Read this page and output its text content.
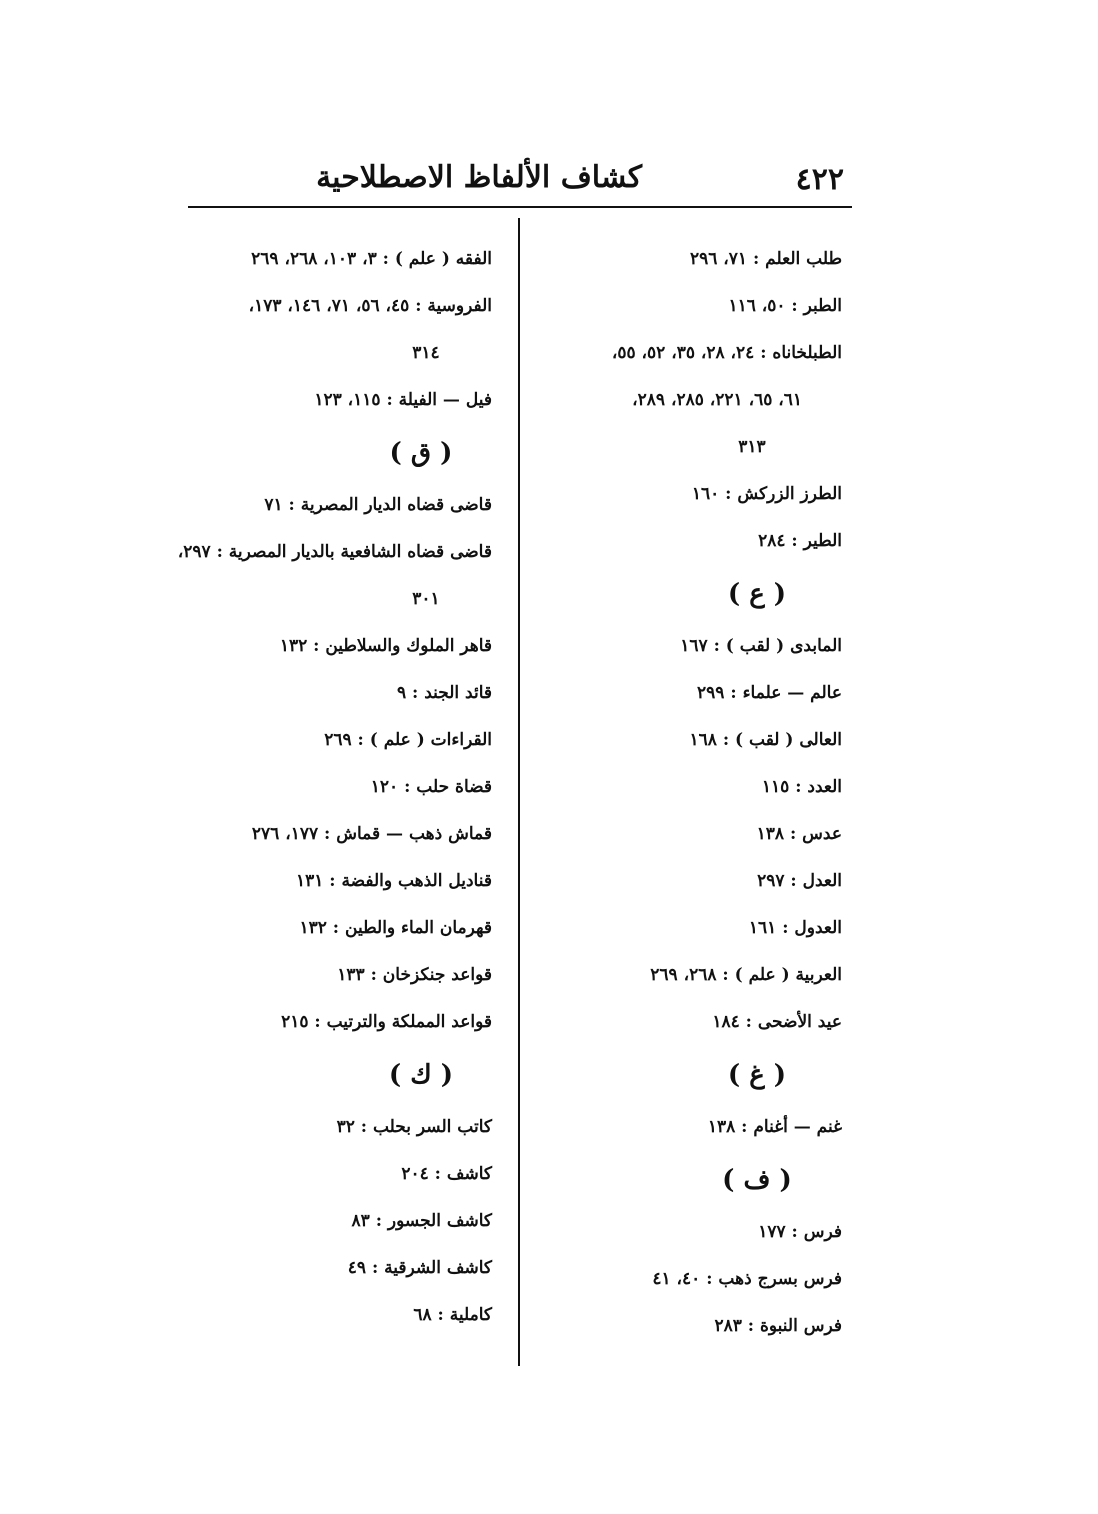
٤٢٢
كشاف الألفاظ الاصطلاحية
طلب العلم : ٧١، ٢٩٦
الطبر : ٥٠، ١١٦
الطبلخاناه : ٢٤، ٢٨، ٣٥، ٥٢، ٥٥،
٦١، ٦٥، ٢٢١، ٢٨٥، ٢٨٩،
٣١٣
الطرز الزركش : ١٦٠
الطير : ٢٨٤
( ع )
المابدى ( لقب ) : ١٦٧
عالم — علماء : ٢٩٩
العالى ( لقب ) : ١٦٨
العدد : ١١٥
عدس : ١٣٨
العدل : ٢٩٧
العدول : ١٦١
العربية ( علم ) : ٢٦٨، ٢٦٩
عيد الأضحى : ١٨٤
( غ )
غنم — أغنام : ١٣٨
( ف )
فرس : ١٧٧
فرس بسرج ذهب : ٤٠، ٤١
فرس النبوة : ٢٨٣
الفقه ( علم ) : ٣، ١٠٣، ٢٦٨، ٢٦٩
الفروسية : ٤٥، ٥٦، ٧١، ١٤٦، ١٧٣،
٣١٤
فيل — الفيلة : ١١٥، ١٢٣
( ق )
قاضى قضاه الديار المصرية : ٧١
قاضى قضاه الشافعية بالديار المصرية : ٢٩٧،
٣٠١
قاهر الملوك والسلاطين : ١٣٢
قائد الجند : ٩
القراءات ( علم ) : ٢٦٩
قضاة حلب : ١٢٠
قماش ذهب — قماش : ١٧٧، ٢٧٦
قناديل الذهب والفضة : ١٣١
قهرمان الماء والطين : ١٣٢
قواعد جنكزخان : ١٣٣
قواعد المملكة والترتيب : ٢١٥
( ك )
كاتب السر بحلب : ٣٢
كاشف : ٢٠٤
كاشف الجسور : ٨٣
كاشف الشرقية : ٤٩
كاملية : ٦٨
